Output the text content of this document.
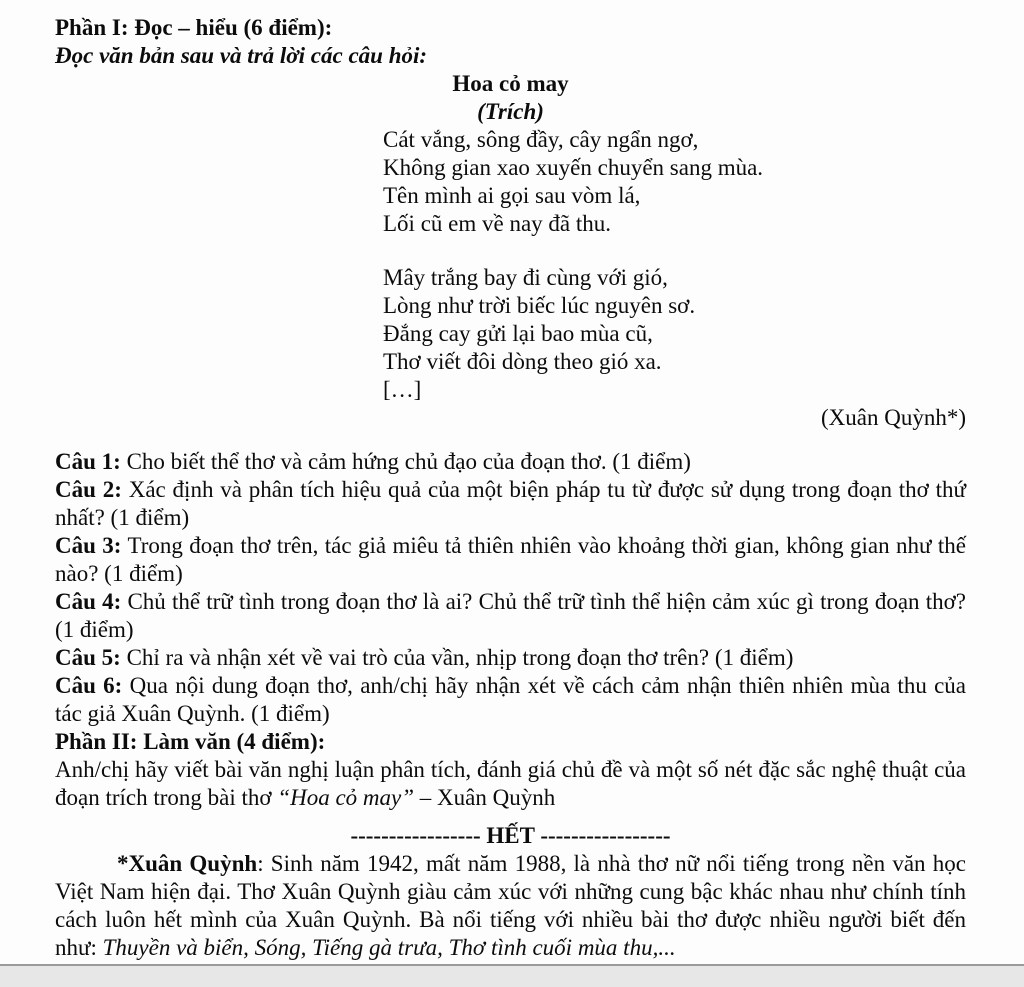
Phần I: Đọc – hiểu (6 điểm):

Đọc văn bản sau và trả lời các câu hỏi:

Hoa cỏ may

(Trích)

Cát vắng, sông đầy, cây ngẩn ngơ,

Không gian xao xuyến chuyển sang mùa.

Tên mình ai gọi sau vòm lá,

Lối cũ em về nay đã thu.

Mây trắng bay đi cùng với gió,

Lòng như trời biếc lúc nguyên sơ.

Đắng cay gửi lại bao mùa cũ,

Thơ viết đôi dòng theo gió xa.

[…]

(Xuân Quỳnh*)

Câu 1: Cho biết thể thơ và cảm hứng chủ đạo của đoạn thơ. (1 điểm)

Câu 2: Xác định và phân tích hiệu quả của một biện pháp tu từ được sử dụng trong đoạn thơ thứ nhất? (1 điểm)

Câu 3: Trong đoạn thơ trên, tác giả miêu tả thiên nhiên vào khoảng thời gian, không gian như thế nào? (1 điểm)

Câu 4: Chủ thể trữ tình trong đoạn thơ là ai? Chủ thể trữ tình thể hiện cảm xúc gì trong đoạn thơ? (1 điểm)

Câu 5: Chỉ ra và nhận xét về vai trò của vần, nhịp trong đoạn thơ trên? (1 điểm)

Câu 6: Qua nội dung đoạn thơ, anh/chị hãy nhận xét về cách cảm nhận thiên nhiên mùa thu của tác giả Xuân Quỳnh. (1 điểm)

Phần II: Làm văn (4 điểm):

Anh/chị hãy viết bài văn nghị luận phân tích, đánh giá chủ đề và một số nét đặc sắc nghệ thuật của đoạn trích trong bài thơ “Hoa cỏ may” – Xuân Quỳnh

----------------- HẾT -----------------

*Xuân Quỳnh: Sinh năm 1942, mất năm 1988, là nhà thơ nữ nổi tiếng trong nền văn học Việt Nam hiện đại. Thơ Xuân Quỳnh giàu cảm xúc với những cung bậc khác nhau như chính tính cách luôn hết mình của Xuân Quỳnh. Bà nổi tiếng với nhiều bài thơ được nhiều người biết đến như: Thuyền và biển, Sóng, Tiếng gà trưa, Thơ tình cuối mùa thu,...
